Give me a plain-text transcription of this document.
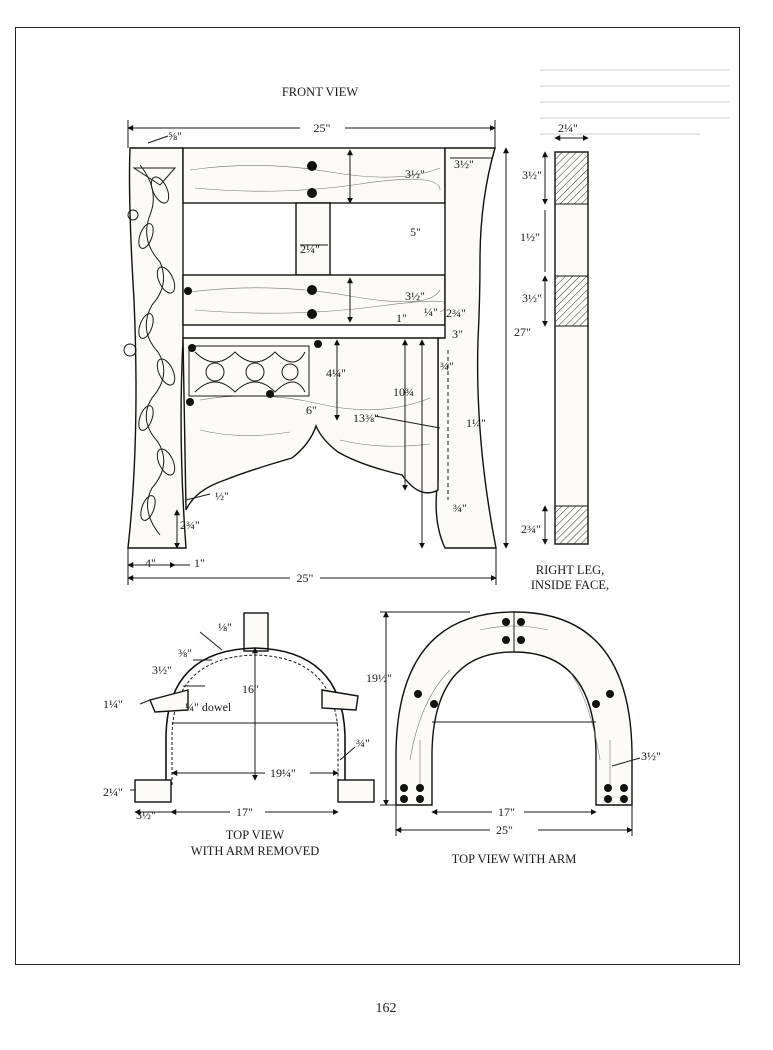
FRONT VIEW
25"
⅝"
3½"
3½"
5"
2¼"
3½"
1" ¼" 2¾"
3"	27"
¾"
4¼"
10¾
6"
13⅜"	1¼"
½"
2¾"
¾"
4"	1"
25"
2¼"
3½"
1½"
3½"
2¾"
RIGHT LEG,
INSIDE FACE,
⅛"
⅜"
3½"
16"
1¼"	¼" dowel
¾"
19¼"
2¼"
3½"	17"
TOP VIEW
WITH ARM REMOVED
19½"
3½"
17"
25"
TOP VIEW WITH ARM
162
